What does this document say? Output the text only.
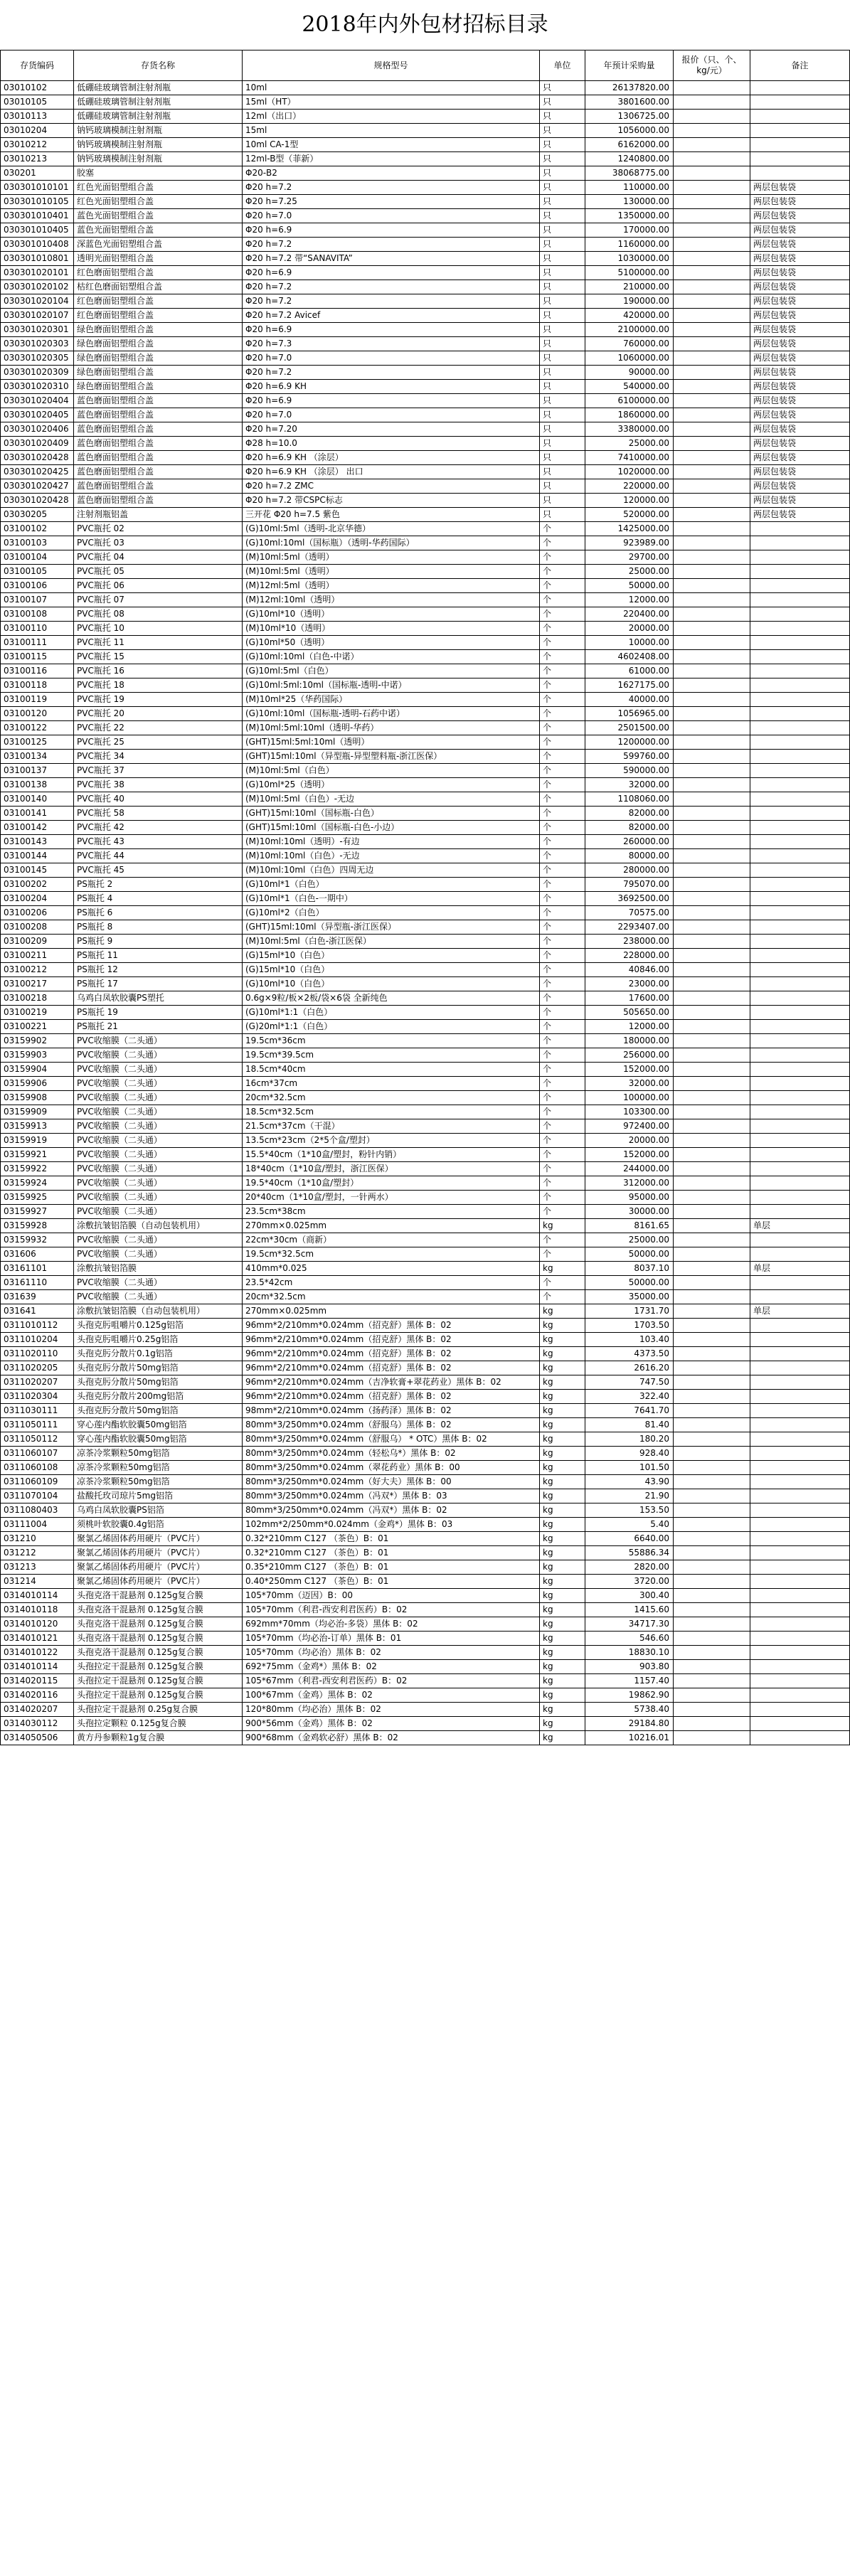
2018年内外包材招标目录
存货编码	存货名称	规格型号	单位	年预计采购量	报价（只、个、kg/元）	备注
03010102	低硼硅玻璃管制注射剂瓶	10ml	只	26137820.00		
03010105	低硼硅玻璃管制注射剂瓶	15ml（HT）	只	3801600.00		
03010113	低硼硅玻璃管制注射剂瓶	12ml（出口）	只	1306725.00		
03010204	钠钙玻璃模制注射剂瓶	15ml	只	1056000.00		
03010212	钠钙玻璃模制注射剂瓶	10ml CA-1型	只	6162000.00		
03010213	钠钙玻璃模制注射剂瓶	12ml-B型（菲新）	只	1240800.00		
030201	胶塞	Φ20-B2	只	38068775.00		
030301010101	红色光面铝塑组合盖	Φ20 h=7.2	只	110000.00		两层包装袋
030301010105	红色光面铝塑组合盖	Φ20 h=7.25	只	130000.00		两层包装袋
030301010401	蓝色光面铝塑组合盖	Φ20 h=7.0	只	1350000.00		两层包装袋
030301010405	蓝色光面铝塑组合盖	Φ20 h=6.9	只	170000.00		两层包装袋
030301010408	深蓝色光面铝塑组合盖	Φ20 h=7.2	只	1160000.00		两层包装袋
030301010801	透明光面铝塑组合盖	Φ20 h=7.2 带“SANAVITA”	只	1030000.00		两层包装袋
030301020101	红色磨面铝塑组合盖	Φ20 h=6.9	只	5100000.00		两层包装袋
030301020102	枯红色磨面铝塑组合盖	Φ20 h=7.2	只	210000.00		两层包装袋
030301020104	红色磨面铝塑组合盖	Φ20 h=7.2	只	190000.00		两层包装袋
030301020107	红色磨面铝塑组合盖	Φ20 h=7.2 Avicef	只	420000.00		两层包装袋
030301020301	绿色磨面铝塑组合盖	Φ20 h=6.9	只	2100000.00		两层包装袋
030301020303	绿色磨面铝塑组合盖	Φ20 h=7.3	只	760000.00		两层包装袋
030301020305	绿色磨面铝塑组合盖	Φ20 h=7.0	只	1060000.00		两层包装袋
030301020309	绿色磨面铝塑组合盖	Φ20 h=7.2	只	90000.00		两层包装袋
030301020310	绿色磨面铝塑组合盖	Φ20 h=6.9 KH	只	540000.00		两层包装袋
030301020404	蓝色磨面铝塑组合盖	Φ20 h=6.9	只	6100000.00		两层包装袋
030301020405	蓝色磨面铝塑组合盖	Φ20 h=7.0	只	1860000.00		两层包装袋
030301020406	蓝色磨面铝塑组合盖	Φ20 h=7.20	只	3380000.00		两层包装袋
030301020409	蓝色磨面铝塑组合盖	Φ28 h=10.0	只	25000.00		两层包装袋
030301020428	蓝色磨面铝塑组合盖	Φ20 h=6.9 KH （涂层）	只	7410000.00		两层包装袋
030301020425	蓝色磨面铝塑组合盖	Φ20 h=6.9 KH （涂层） 出口	只	1020000.00		两层包装袋
030301020427	蓝色磨面铝塑组合盖	Φ20 h=7.2 ZMC	只	220000.00		两层包装袋
030301020428	蓝色磨面铝塑组合盖	Φ20 h=7.2 带CSPC标志	只	120000.00		两层包装袋
03030205	注射剂瓶铝盖	三开花 Φ20 h=7.5 紫色	只	520000.00		两层包装袋
03100102	PVC瓶托 02	(G)10ml:5ml（透明-北京华德）	个	1425000.00		
03100103	PVC瓶托 03	(G)10ml:10ml（国标瓶）（透明-华药国际）	个	923989.00		
03100104	PVC瓶托 04	(M)10ml:5ml（透明）	个	29700.00		
03100105	PVC瓶托 05	(M)10ml:5ml（透明）	个	25000.00		
03100106	PVC瓶托 06	(M)12ml:5ml（透明）	个	50000.00		
03100107	PVC瓶托 07	(M)12ml:10ml（透明）	个	12000.00		
03100108	PVC瓶托 08	(G)10ml*10（透明）	个	220400.00		
03100110	PVC瓶托 10	(M)10ml*10（透明）	个	20000.00		
03100111	PVC瓶托 11	(G)10ml*50（透明）	个	10000.00		
03100115	PVC瓶托 15	(G)10ml:10ml（白色-中诺）	个	4602408.00		
03100116	PVC瓶托 16	(G)10ml:5ml（白色）	个	61000.00		
03100118	PVC瓶托 18	(G)10ml:5ml:10ml（国标瓶-透明-中诺）	个	1627175.00		
03100119	PVC瓶托 19	(M)10ml*25（华药国际）	个	40000.00		
03100120	PVC瓶托 20	(G)10ml:10ml（国标瓶-透明-石药中诺）	个	1056965.00		
03100122	PVC瓶托 22	(M)10ml:5ml:10ml（透明-华药）	个	2501500.00		
03100125	PVC瓶托 25	(GHT)15ml:5ml:10ml（透明）	个	1200000.00		
03100134	PVC瓶托 34	(GHT)15ml:10ml（异型瓶-异型塑料瓶-浙江医保）	个	599760.00		
03100137	PVC瓶托 37	(M)10ml:5ml（白色）	个	590000.00		
03100138	PVC瓶托 38	(G)10ml*25（透明）	个	32000.00		
03100140	PVC瓶托 40	(M)10ml:5ml（白色）-无边	个	1108060.00		
03100141	PVC瓶托 58	(GHT)15ml:10ml（国标瓶-白色）	个	82000.00		
03100142	PVC瓶托 42	(GHT)15ml:10ml（国标瓶-白色-小边）	个	82000.00		
03100143	PVC瓶托 43	(M)10ml:10ml（透明）-有边	个	260000.00		
03100144	PVC瓶托 44	(M)10ml:10ml（白色）-无边	个	80000.00		
03100145	PVC瓶托 45	(M)10ml:10ml（白色）四周无边	个	280000.00		
03100202	PS瓶托 2	(G)10ml*1（白色）	个	795070.00		
03100204	PS瓶托 4	(G)10ml*1（白色-一期中）	个	3692500.00		
03100206	PS瓶托 6	(G)10ml*2（白色）	个	70575.00		
03100208	PS瓶托 8	(GHT)15ml:10ml（异型瓶-浙江医保）	个	2293407.00		
03100209	PS瓶托 9	(M)10ml:5ml（白色-浙江医保）	个	238000.00		
03100211	PS瓶托 11	(G)15ml*10（白色）	个	228000.00		
03100212	PS瓶托 12	(G)15ml*10（白色）	个	40846.00		
03100217	PS瓶托 17	(G)10ml*10（白色）	个	23000.00		
03100218	乌鸡白凤软胶囊PS塑托	0.6g×9粒/板×2板/袋×6袋 全新纯色	个	17600.00		
03100219	PS瓶托 19	(G)10ml*1:1（白色）	个	505650.00		
03100221	PS瓶托 21	(G)20ml*1:1（白色）	个	12000.00		
03159902	PVC收缩膜（二头通）	19.5cm*36cm	个	180000.00		
03159903	PVC收缩膜（二头通）	19.5cm*39.5cm	个	256000.00		
03159904	PVC收缩膜（二头通）	18.5cm*40cm	个	152000.00		
03159906	PVC收缩膜（二头通）	16cm*37cm	个	32000.00		
03159908	PVC收缩膜（二头通）	20cm*32.5cm	个	100000.00		
03159909	PVC收缩膜（二头通）	18.5cm*32.5cm	个	103300.00		
03159913	PVC收缩膜（二头通）	21.5cm*37cm（干混）	个	972400.00		
03159919	PVC收缩膜（二头通）	13.5cm*23cm（2*5个盒/塑封）	个	20000.00		
03159921	PVC收缩膜（二头通）	15.5*40cm（1*10盒/塑封，粉针内销）	个	152000.00		
03159922	PVC收缩膜（二头通）	18*40cm（1*10盒/塑封，浙江医保）	个	244000.00		
03159924	PVC收缩膜（二头通）	19.5*40cm（1*10盒/塑封）	个	312000.00		
03159925	PVC收缩膜（二头通）	20*40cm（1*10盒/塑封，一针两水）	个	95000.00		
03159927	PVC收缩膜（二头通）	23.5cm*38cm	个	30000.00		
03159928	涂敷抗皱铝箔膜（自动包装机用）	270mm×0.025mm	kg	8161.65		单层
03159932	PVC收缩膜（二头通）	22cm*30cm（商新）	个	25000.00		
031606	PVC收缩膜（二头通）	19.5cm*32.5cm	个	50000.00		
03161101	涂敷抗皱铝箔膜	410mm*0.025	kg	8037.10		单层
03161110	PVC收缩膜（二头通）	23.5*42cm	个	50000.00		
031639	PVC收缩膜（二头通）	20cm*32.5cm	个	35000.00		
031641	涂敷抗皱铝箔膜（自动包装机用）	270mm×0.025mm	kg	1731.70		单层
0311010112	头孢克肟咀嚼片0.125g铝箔	96mm*2/210mm*0.024mm（招克舒）黑体 B：02	kg	1703.50		
0311010204	头孢克肟咀嚼片0.25g铝箔	96mm*2/210mm*0.024mm（招克舒）黑体 B：02	kg	103.40		
0311020110	头孢克肟分散片0.1g铝箔	96mm*2/210mm*0.024mm（招克舒）黑体 B：02	kg	4373.50		
0311020205	头孢克肟分散片50mg铝箔	96mm*2/210mm*0.024mm（招克舒）黑体 B：02	kg	2616.20		
0311020207	头孢克肟分散片50mg铝箔	96mm*2/210mm*0.024mm（吉净软膏+翠花药业）黑体 B：02	kg	747.50		
0311020304	头孢克肟分散片200mg铝箔	96mm*2/210mm*0.024mm（招克舒）黑体 B：02	kg	322.40		
0311030111	头孢克肟分散片50mg铝箔	98mm*2/210mm*0.024mm（扬药泽）黑体 B：02	kg	7641.70		
0311050111	穿心莲内酯软胶囊50mg铝箔	80mm*3/250mm*0.024mm（舒服乌）黑体 B：02	kg	81.40		
0311050112	穿心莲内酯软胶囊50mg铝箔	80mm*3/250mm*0.024mm（舒服乌） * OTC）黑体 B：02	kg	180.20		
0311060107	凉茶冷浆颗粒50mg铝箔	80mm*3/250mm*0.024mm（轻松乌*）黑体 B：02	kg	928.40		
0311060108	凉茶冷浆颗粒50mg铝箔	80mm*3/250mm*0.024mm（翠花药业）黑体 B：00	kg	101.50		
0311060109	凉茶冷浆颗粒50mg铝箔	80mm*3/250mm*0.024mm（好大夫）黑体 B：00	kg	43.90		
0311070104	盐酸托玫司琼片5mg铝箔	80mm*3/250mm*0.024mm（冯双*）黑体 B：03	kg	21.90		
0311080403	乌鸡白凤软胶囊PS铝箔	80mm*3/250mm*0.024mm（冯双*）黑体 B：02	kg	153.50		
03111004	须桃叶软胶囊0.4g铝箔	102mm*2/250mm*0.024mm（金鸡*）黑体 B：03	kg	5.40		
031210	聚氯乙烯固体药用硬片（PVC片）	0.32*210mm C127 （茶色）B：01	kg	6640.00		
031212	聚氯乙烯固体药用硬片（PVC片）	0.32*210mm C127 （茶色）B：01	kg	55886.34		
031213	聚氯乙烯固体药用硬片（PVC片）	0.35*210mm C127 （茶色）B：01	kg	2820.00		
031214	聚氯乙烯固体药用硬片（PVC片）	0.40*250mm C127 （茶色）B：01	kg	3720.00		
0314010114	头孢克洛干混悬剂 0.125g复合膜	105*70mm（迈因）B：00	kg	300.40		
0314010118	头孢克洛干混悬剂 0.125g复合膜	105*70mm（利君-西安利君医药）B：02	kg	1415.60		
0314010120	头孢克洛干混悬剂 0.125g复合膜	692mm*70mm（均必治-多袋）黑体 B：02	kg	34717.30		
0314010121	头孢克洛干混悬剂 0.125g复合膜	105*70mm（均必治-订单）黑体 B：01	kg	546.60		
0314010122	头孢克洛干混悬剂 0.125g复合膜	105*70mm（均必治）黑体 B：02	kg	18830.10		
0314010114	头孢拉定干混悬剂 0.125g复合膜	692*75mm（金鸡*）黑体 B：02	kg	903.80		
0314020115	头孢拉定干混悬剂 0.125g复合膜	105*67mm（利君-西安利君医药）B：02	kg	1157.40		
0314020116	头孢拉定干混悬剂 0.125g复合膜	100*67mm（金鸡）黑体 B：02	kg	19862.90		
0314020207	头孢拉定干混悬剂 0.25g复合膜	120*80mm（均必治）黑体 B：02	kg	5738.40		
0314030112	头孢拉定颗粒 0.125g复合膜	900*56mm（金鸡）黑体 B：02	kg	29184.80		
0314050506	黄方丹参颗粒1g复合膜	900*68mm（金鸡软必舒）黑体 B：02	kg	10216.01		
